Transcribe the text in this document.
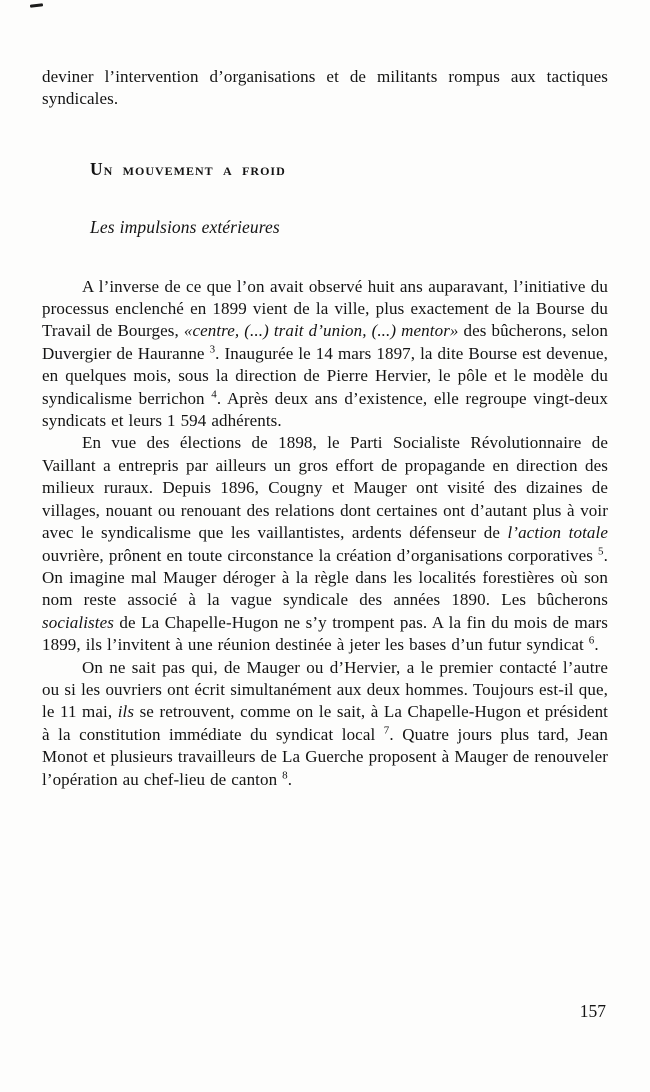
deviner l’intervention d’organisations et de militants rompus aux tactiques syndicales.

Un mouvement a froid
Les impulsions extérieures

A l’inverse de ce que l’on avait observé huit ans auparavant, l’initiative du processus enclenché en 1899 vient de la ville, plus exactement de la Bourse du Travail de Bourges, «centre, (...) trait d’union, (...) mentor» des bûcherons, selon Duvergier de Hauranne $^3$. Inaugurée le 14 mars 1897, la dite Bourse est devenue, en quelques mois, sous la direction de Pierre Hervier, le pôle et le modèle du syndicalisme berrichon $^4$. Après deux ans d’existence, elle regroupe vingt-deux syndicats et leurs 1 594 adhérents.

En vue des élections de 1898, le Parti Socialiste Révolutionnaire de Vaillant a entrepris par ailleurs un gros effort de propagande en direction des milieux ruraux. Depuis 1896, Cougny et Mauger ont visité des dizaines de villages, nouant ou renouant des relations dont certaines ont d’autant plus à voir avec le syndicalisme que les vaillantistes, ardents défenseur de l’action totale ouvrière, prônent en toute circonstance la création d’organisations corporatives $^5$. On imagine mal Mauger déroger à la règle dans les localités forestières où son nom reste associé à la vague syndicale des années 1890. Les bûcherons socialistes de La Chapelle-Hugon ne s’y trompent pas. A la fin du mois de mars 1899, ils l’invitent à une réunion destinée à jeter les bases d’un futur syndicat $^6$.

On ne sait pas qui, de Mauger ou d’Hervier, a le premier contacté l’autre ou si les ouvriers ont écrit simultanément aux deux hommes. Toujours est-il que, le 11 mai, ils se retrouvent, comme on le sait, à La Chapelle-Hugon et président à la constitution immédiate du syndicat local $^7$. Quatre jours plus tard, Jean Monot et plusieurs travailleurs de La Guerche proposent à Mauger de renouveler l’opération au chef-lieu de canton $^8$.

157
